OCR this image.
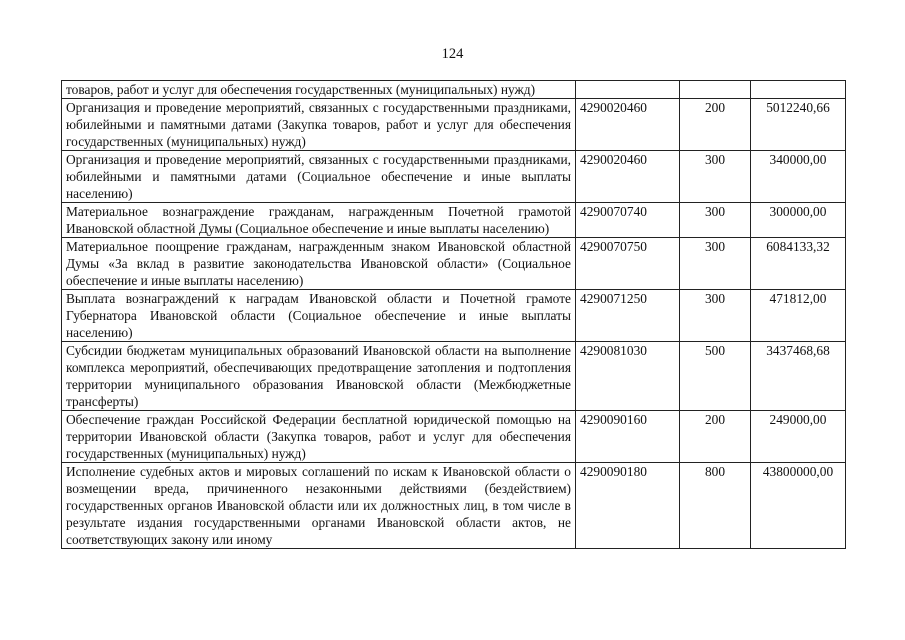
124
товаров, работ и услуг для обеспечения государственных (муниципальных) нужд)			
Организация и проведение мероприятий, связанных с государственными праздниками, юбилейными и памятными датами (Закупка товаров, работ и услуг для обеспечения государственных (муниципальных) нужд)	4290020460	200	5012240,66
Организация и проведение мероприятий, связанных с государственными праздниками, юбилейными и памятными датами (Социальное обеспечение и иные выплаты населению)	4290020460	300	340000,00
Материальное вознаграждение гражданам, награжденным Почетной грамотой Ивановской областной Думы (Социальное обеспечение и иные выплаты населению)	4290070740	300	300000,00
Материальное поощрение гражданам, награжденным знаком Ивановской областной Думы «За вклад в развитие законодательства Ивановской области» (Социальное обеспечение и иные выплаты населению)	4290070750	300	6084133,32
Выплата вознаграждений к наградам Ивановской области и Почетной грамоте Губернатора Ивановской области (Социальное обеспечение и иные выплаты населению)	4290071250	300	471812,00
Субсидии бюджетам муниципальных образований Ивановской области на выполнение комплекса мероприятий, обеспечивающих предотвращение затопления и подтопления территории муниципального образования Ивановской области (Межбюджетные трансферты)	4290081030	500	3437468,68
Обеспечение граждан Российской Федерации бесплатной юридической помощью на территории Ивановской области (Закупка товаров, работ и услуг для обеспечения государственных (муниципальных) нужд)	4290090160	200	249000,00
Исполнение судебных актов и мировых соглашений по искам к Ивановской области о возмещении вреда, причиненного незаконными действиями (бездействием) государственных органов Ивановской области или их должностных лиц, в том числе в результате издания государственными органами Ивановской области актов, не соответствующих закону или иному	4290090180	800	43800000,00
